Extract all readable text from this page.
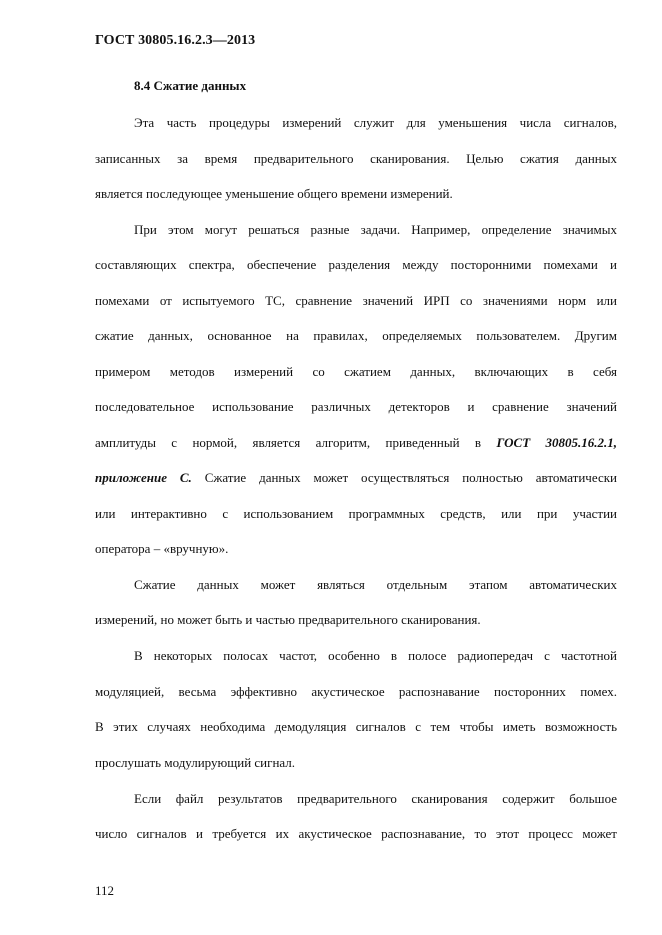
ГОСТ 30805.16.2.3—2013
8.4 Сжатие данных
Эта часть процедуры измерений служит для уменьшения числа сигналов,
записанных за время предварительного сканирования. Целью сжатия данных
является последующее уменьшение общего времени измерений.
При этом могут решаться разные задачи. Например, определение значимых
составляющих спектра, обеспечение разделения между посторонними помехами и
помехами от испытуемого ТС, сравнение значений ИРП со значениями норм или
сжатие данных, основанное на правилах, определяемых пользователем. Другим
примером методов измерений со сжатием данных, включающих в себя
последовательное использование различных детекторов и сравнение значений
амплитуды с нормой, является алгоритм, приведенный в ГОСТ 30805.16.2.1,
приложение С. Сжатие данных может осуществляться полностью автоматически
или интерактивно с использованием программных средств, или при участии
оператора – «вручную».
Сжатие данных может являться отдельным этапом автоматических
измерений, но может быть и частью предварительного сканирования.
В некоторых полосах частот, особенно в полосе радиопередач с частотной
модуляцией, весьма эффективно акустическое распознавание посторонних помех.
В этих случаях необходима демодуляция сигналов с тем чтобы иметь возможность
прослушать модулирующий сигнал.
Если файл результатов предварительного сканирования содержит большое
число сигналов и требуется их акустическое распознавание, то этот процесс может
112
